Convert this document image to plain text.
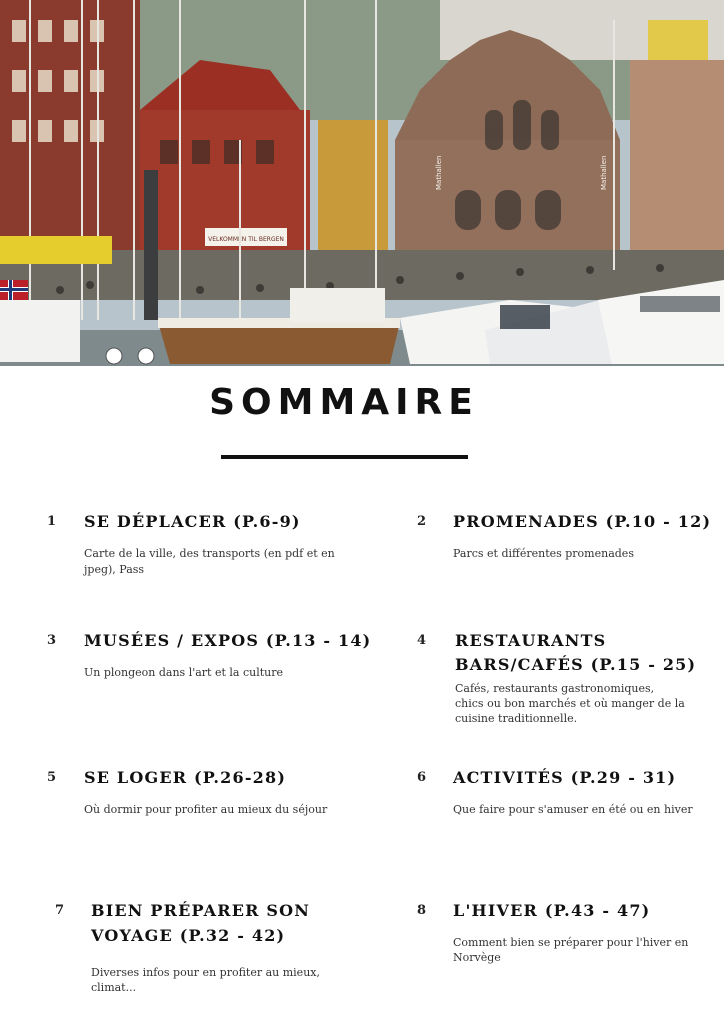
VELKOMMEN TIL BERGEN
Mathallen	Mathallen
SOMMAIRE
1 SE DÉPLACER (P.6-9)
Carte de la ville, des transports (en pdf et en
jpeg), Pass
2 PROMENADES (P.10 - 12)
Parcs et différentes promenades
3 MUSÉES / EXPOS (P.13 - 14)
Un plongeon dans l'art et la culture
4 RESTAURANTS
BARS/CAFÉS (P.15 - 25)
Cafés, restaurants gastronomiques,
chics ou bon marchés et où manger de la
cuisine traditionnelle.
5 SE LOGER (P.26-28)
Où dormir pour profiter au mieux du séjour
6 ACTIVITÉS (P.29 - 31)
Que faire pour s'amuser en été ou en hiver
7 BIEN PRÉPARER SON
VOYAGE (P.32 - 42)
Diverses infos pour en profiter au mieux,
climat...
8 L'HIVER (P.43 - 47)
Comment bien se préparer pour l'hiver en
Norvège
